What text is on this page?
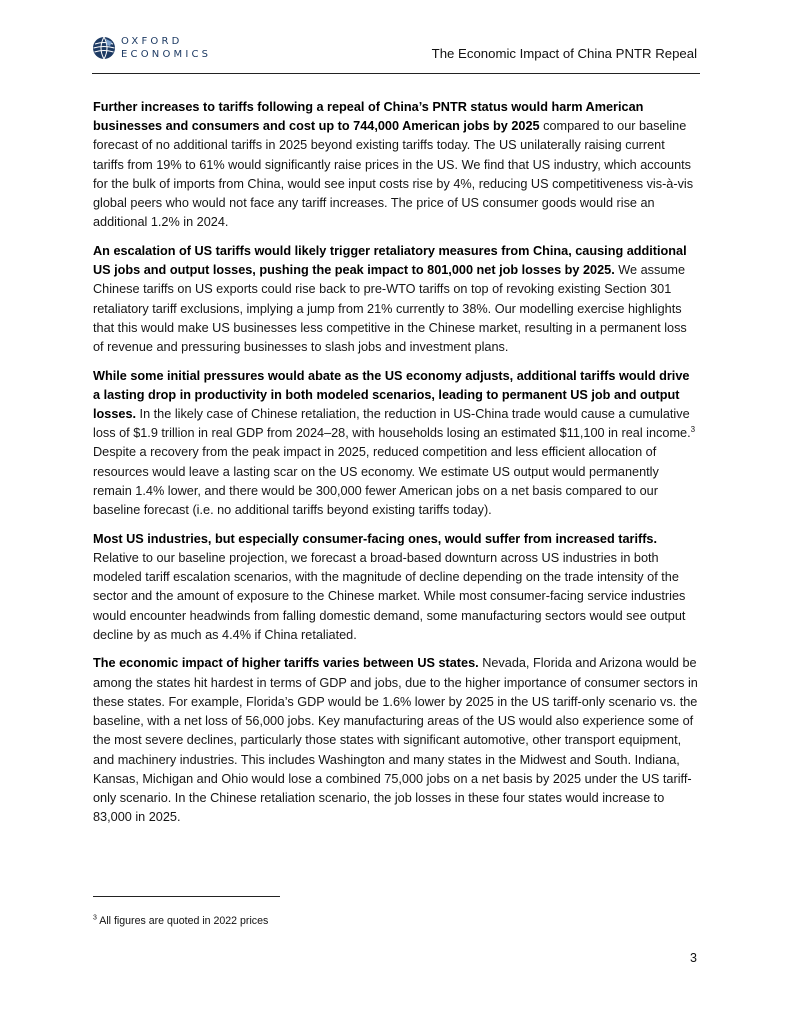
OXFORD
ECONOMICS	The Economic Impact of China PNTR Repeal

Further increases to tariffs following a repeal of China’s PNTR status would harm American businesses and consumers and cost up to 744,000 American jobs by 2025 compared to our baseline forecast of no additional tariffs in 2025 beyond existing tariffs today. The US unilaterally raising current tariffs from 19% to 61% would significantly raise prices in the US. We find that US industry, which accounts for the bulk of imports from China, would see input costs rise by 4%, reducing US competitiveness vis-à-vis global peers who would not face any tariff increases. The price of US consumer goods would rise an additional 1.2% in 2024.

An escalation of US tariffs would likely trigger retaliatory measures from China, causing additional US jobs and output losses, pushing the peak impact to 801,000 net job losses by 2025. We assume Chinese tariffs on US exports could rise back to pre-WTO tariffs on top of revoking existing Section 301 retaliatory tariff exclusions, implying a jump from 21% currently to 38%. Our modelling exercise highlights that this would make US businesses less competitive in the Chinese market, resulting in a permanent loss of revenue and pressuring businesses to slash jobs and investment plans.

While some initial pressures would abate as the US economy adjusts, additional tariffs would drive a lasting drop in productivity in both modeled scenarios, leading to permanent US job and output losses. In the likely case of Chinese retaliation, the reduction in US-China trade would cause a cumulative loss of $1.9 trillion in real GDP from 2024–28, with households losing an estimated $11,100 in real income.$^3$ Despite a recovery from the peak impact in 2025, reduced competition and less efficient allocation of resources would leave a lasting scar on the US economy. We estimate US output would permanently remain 1.4% lower, and there would be 300,000 fewer American jobs on a net basis compared to our baseline forecast (i.e. no additional tariffs beyond existing tariffs today).

Most US industries, but especially consumer-facing ones, would suffer from increased tariffs. Relative to our baseline projection, we forecast a broad-based downturn across US industries in both modeled tariff escalation scenarios, with the magnitude of decline depending on the trade intensity of the sector and the amount of exposure to the Chinese market. While most consumer-facing service industries would encounter headwinds from falling domestic demand, some manufacturing sectors would see output decline by as much as 4.4% if China retaliated.

The economic impact of higher tariffs varies between US states. Nevada, Florida and Arizona would be among the states hit hardest in terms of GDP and jobs, due to the higher importance of consumer sectors in these states. For example, Florida’s GDP would be 1.6% lower by 2025 in the US tariff-only scenario vs. the baseline, with a net loss of 56,000 jobs. Key manufacturing areas of the US would also experience some of the most severe declines, particularly those states with significant automotive, other transport equipment, and machinery industries. This includes Washington and many states in the Midwest and South. Indiana, Kansas, Michigan and Ohio would lose a combined 75,000 jobs on a net basis by 2025 under the US tariff-only scenario. In the Chinese retaliation scenario, the job losses in these four states would increase to 83,000 in 2025.

$^3$ All figures are quoted in 2022 prices
3
